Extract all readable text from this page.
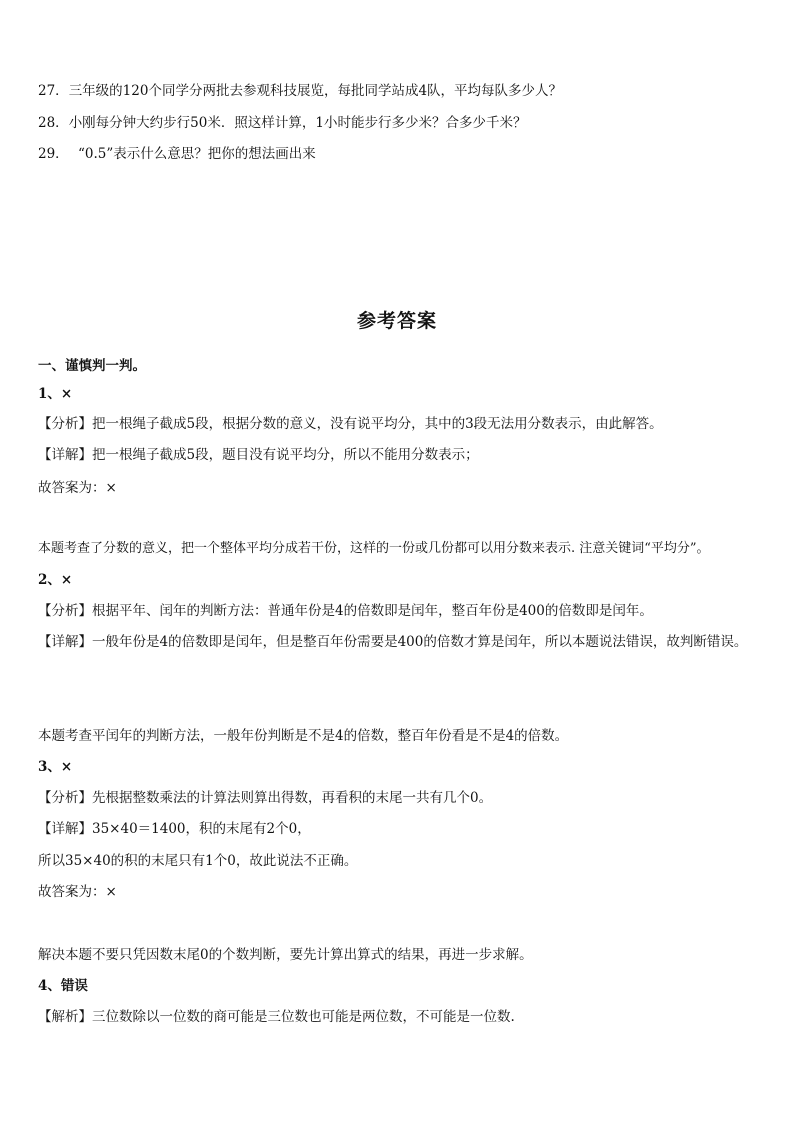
27．三年级的120个同学分两批去参观科技展览，每批同学站成4队，平均每队多少人？
28．小刚每分钟大约步行50米．照这样计算，1小时能步行多少米？合多少千米？
29． “0.5”表示什么意思？把你的想法画出来
参考答案
一、谨慎判一判。
1、×
【分析】把一根绳子截成5段，根据分数的意义，没有说平均分，其中的3段无法用分数表示，由此解答。
【详解】把一根绳子截成5段，题目没有说平均分，所以不能用分数表示；
故答案为：×
本题考查了分数的意义，把一个整体平均分成若干份，这样的一份或几份都可以用分数来表示. 注意关键词“平均分”。
2、×
【分析】根据平年、闰年的判断方法：普通年份是4的倍数即是闰年，整百年份是400的倍数即是闰年。
【详解】一般年份是4的倍数即是闰年，但是整百年份需要是400的倍数才算是闰年，所以本题说法错误，故判断错误。
本题考查平闰年的判断方法，一般年份判断是不是4的倍数，整百年份看是不是4的倍数。
3、×
【分析】先根据整数乘法的计算法则算出得数，再看积的末尾一共有几个0。
【详解】35×40＝1400，积的末尾有2个0，
所以35×40的积的末尾只有1个0，故此说法不正确。
故答案为：×
解决本题不要只凭因数末尾0的个数判断，要先计算出算式的结果，再进一步求解。
4、错误
【解析】三位数除以一位数的商可能是三位数也可能是两位数，不可能是一位数.
